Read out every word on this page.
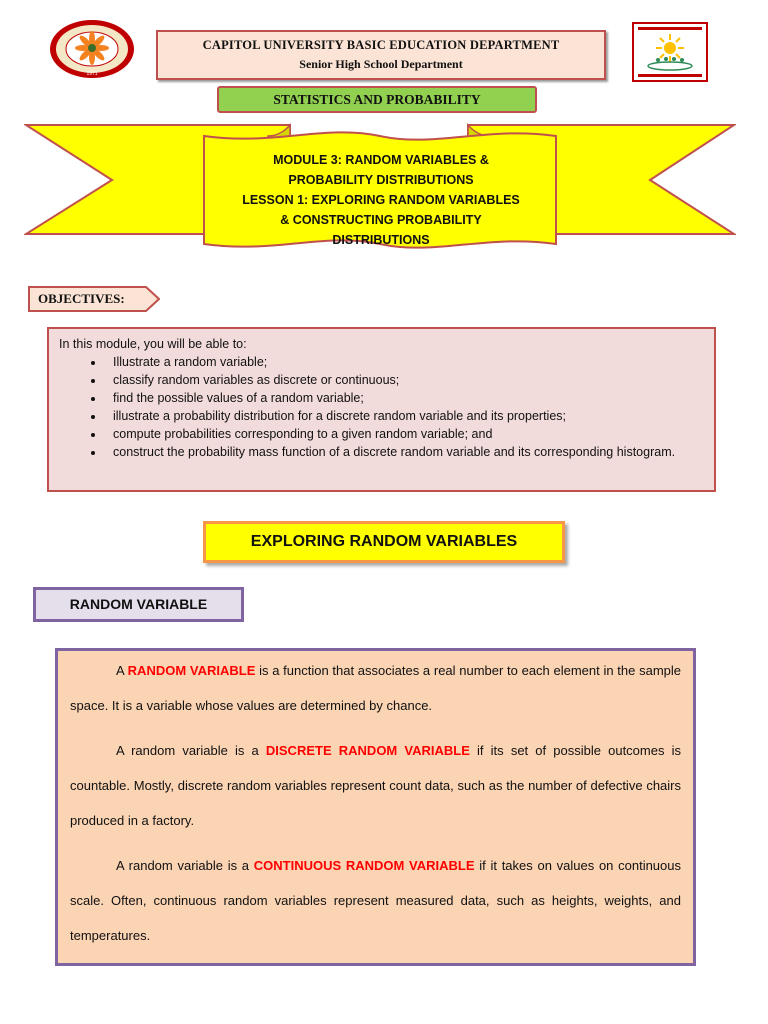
1971
CAPITOL UNIVERSITY BASIC EDUCATION DEPARTMENT
Senior High School Department
STATISTICS AND PROBABILITY
MODULE 3: RANDOM VARIABLES &
PROBABILITY DISTRIBUTIONS
LESSON 1: EXPLORING RANDOM VARIABLES
& CONSTRUCTING PROBABILITY
DISTRIBUTIONS
OBJECTIVES:
In this module, you will be able to:
• Illustrate a random variable;
• classify random variables as discrete or continuous;
• find the possible values of a random variable;
• illustrate a probability distribution for a discrete random variable and its properties;
• compute probabilities corresponding to a given random variable; and
• construct the probability mass function of a discrete random variable and its corresponding histogram.
EXPLORING RANDOM VARIABLES
RANDOM VARIABLE

A RANDOM VARIABLE is a function that associates a real number to each element in the sample space. It is a variable whose values are determined by chance.

A random variable is a DISCRETE RANDOM VARIABLE if its set of possible outcomes is countable. Mostly, discrete random variables represent count data, such as the number of defective chairs produced in a factory.

A random variable is a CONTINUOUS RANDOM VARIABLE if it takes on values on continuous scale. Often, continuous random variables represent measured data, such as heights, weights, and temperatures.
